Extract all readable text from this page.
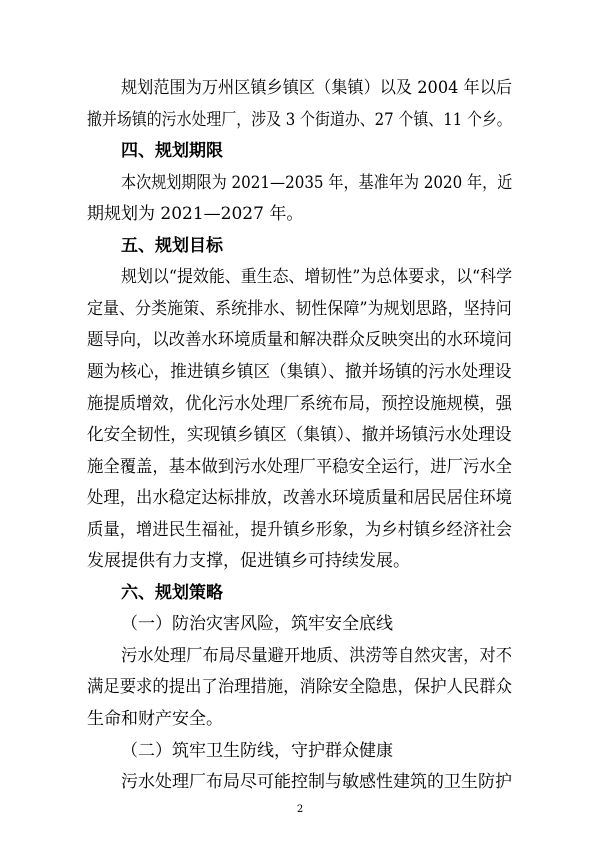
规划范围为万州区镇乡镇区（集镇）以及 2004 年以后
撤并场镇的污水处理厂，涉及 3 个街道办、27 个镇、11 个乡。
四、规划期限
本次规划期限为 2021—2035 年，基准年为 2020 年，近
期规划为 2021—2027 年。
五、规划目标
规划以“提效能、重生态、增韧性”为总体要求，以“科学
定量、分类施策、系统排水、韧性保障”为规划思路，坚持问
题导向，以改善水环境质量和解决群众反映突出的水环境问
题为核心，推进镇乡镇区（集镇）、撤并场镇的污水处理设
施提质增效，优化污水处理厂系统布局，预控设施规模，强
化安全韧性，实现镇乡镇区（集镇）、撤并场镇污水处理设
施全覆盖，基本做到污水处理厂平稳安全运行，进厂污水全
处理，出水稳定达标排放，改善水环境质量和居民居住环境
质量，增进民生福祉，提升镇乡形象，为乡村镇乡经济社会
发展提供有力支撑，促进镇乡可持续发展。
六、规划策略
（一）防治灾害风险，筑牢安全底线
污水处理厂布局尽量避开地质、洪涝等自然灾害，对不
满足要求的提出了治理措施，消除安全隐患，保护人民群众
生命和财产安全。
（二）筑牢卫生防线，守护群众健康
污水处理厂布局尽可能控制与敏感性建筑的卫生防护
2
